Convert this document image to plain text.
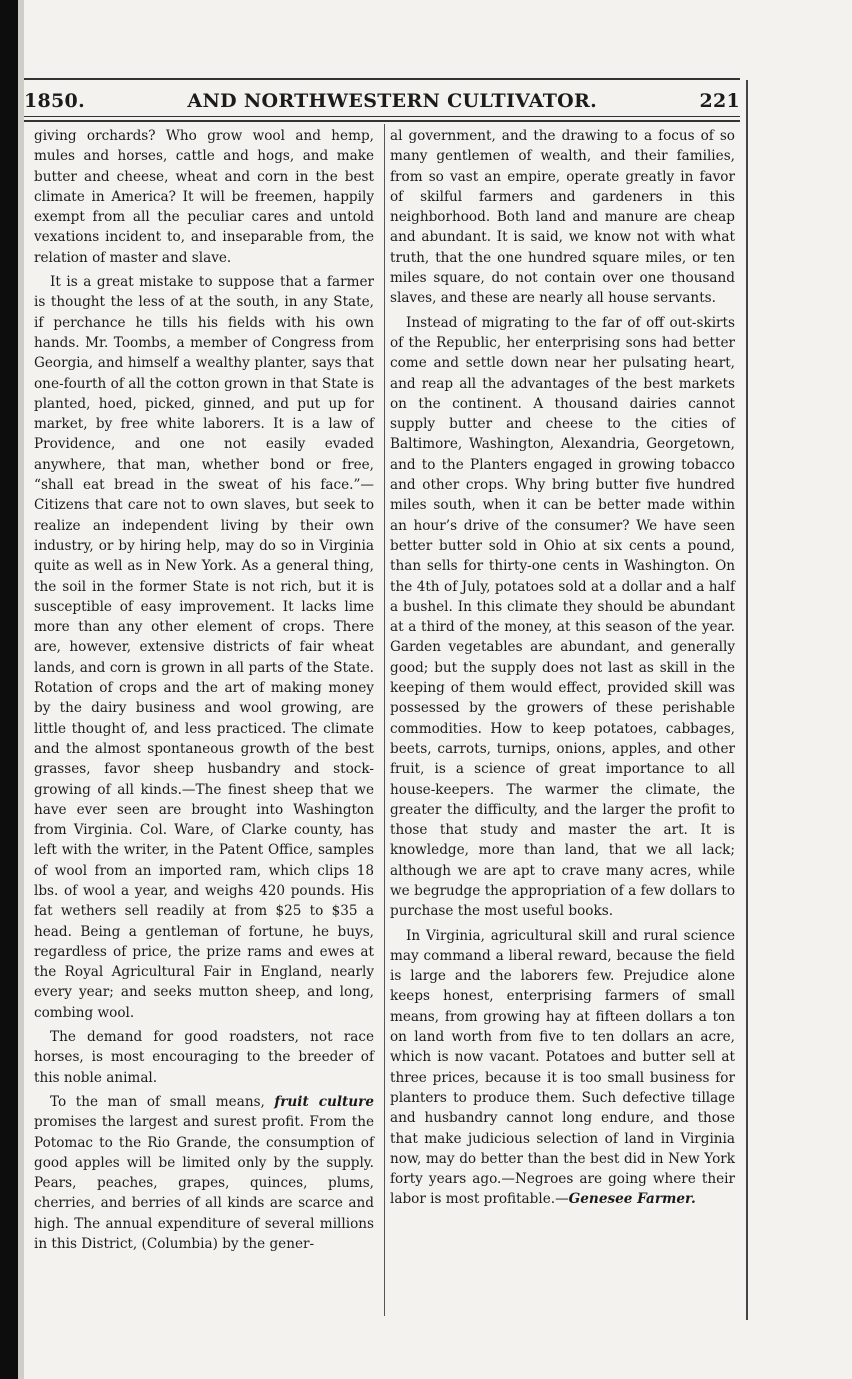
1850.	AND NORTHWESTERN CULTIVATOR.	221

giving orchards? Who grow wool and hemp, mules and horses, cattle and hogs, and make butter and cheese, wheat and corn in the best climate in America? It will be freemen, happily exempt from all the peculiar cares and untold vexations incident to, and inseparable from, the relation of master and slave.

It is a great mistake to suppose that a farmer is thought the less of at the south, in any State, if perchance he tills his fields with his own hands. Mr. Toombs, a member of Congress from Georgia, and himself a wealthy planter, says that one-fourth of all the cotton grown in that State is planted, hoed, picked, ginned, and put up for market, by free white laborers. It is a law of Providence, and one not easily evaded anywhere, that man, whether bond or free, “shall eat bread in the sweat of his face.”—Citizens that care not to own slaves, but seek to realize an independent living by their own industry, or by hiring help, may do so in Virginia quite as well as in New York. As a general thing, the soil in the former State is not rich, but it is susceptible of easy improvement. It lacks lime more than any other element of crops. There are, however, extensive districts of fair wheat lands, and corn is grown in all parts of the State. Rotation of crops and the art of making money by the dairy business and wool growing, are little thought of, and less practiced. The climate and the almost spontaneous growth of the best grasses, favor sheep husbandry and stock-growing of all kinds.—The finest sheep that we have ever seen are brought into Washington from Virginia. Col. Ware, of Clarke county, has left with the writer, in the Patent Office, samples of wool from an imported ram, which clips 18 lbs. of wool a year, and weighs 420 pounds. His fat wethers sell readily at from $25 to $35 a head. Being a gentleman of fortune, he buys, regardless of price, the prize rams and ewes at the Royal Agricultural Fair in England, nearly every year; and seeks mutton sheep, and long, combing wool.

The demand for good roadsters, not race horses, is most encouraging to the breeder of this noble animal.

To the man of small means, fruit culture promises the largest and surest profit. From the Potomac to the Rio Grande, the consumption of good apples will be limited only by the supply. Pears, peaches, grapes, quinces, plums, cherries, and berries of all kinds are scarce and high. The annual expenditure of several millions in this District, (Columbia) by the gener-

al government, and the drawing to a focus of so many gentlemen of wealth, and their families, from so vast an empire, operate greatly in favor of skilful farmers and gardeners in this neighborhood. Both land and manure are cheap and abundant. It is said, we know not with what truth, that the one hundred square miles, or ten miles square, do not contain over one thousand slaves, and these are nearly all house servants.

Instead of migrating to the far of off out-skirts of the Republic, her enterprising sons had better come and settle down near her pulsating heart, and reap all the advantages of the best markets on the continent. A thousand dairies cannot supply butter and cheese to the cities of Baltimore, Washington, Alexandria, Georgetown, and to the Planters engaged in growing tobacco and other crops. Why bring butter five hundred miles south, when it can be better made within an hour’s drive of the consumer? We have seen better butter sold in Ohio at six cents a pound, than sells for thirty-one cents in Washington. On the 4th of July, potatoes sold at a dollar and a half a bushel. In this climate they should be abundant at a third of the money, at this season of the year. Garden vegetables are abundant, and generally good; but the supply does not last as skill in the keeping of them would effect, provided skill was possessed by the growers of these perishable commodities. How to keep potatoes, cabbages, beets, carrots, turnips, onions, apples, and other fruit, is a science of great importance to all house-keepers. The warmer the climate, the greater the difficulty, and the larger the profit to those that study and master the art. It is knowledge, more than land, that we all lack; although we are apt to crave many acres, while we begrudge the appropriation of a few dollars to purchase the most useful books.

In Virginia, agricultural skill and rural science may command a liberal reward, because the field is large and the laborers few. Prejudice alone keeps honest, enterprising farmers of small means, from growing hay at fifteen dollars a ton on land worth from five to ten dollars an acre, which is now vacant. Potatoes and butter sell at three prices, because it is too small business for planters to produce them. Such defective tillage and husbandry cannot long endure, and those that make judicious selection of land in Virginia now, may do better than the best did in New York forty years ago.—Negroes are going where their labor is most profitable.—Genesee Farmer.
